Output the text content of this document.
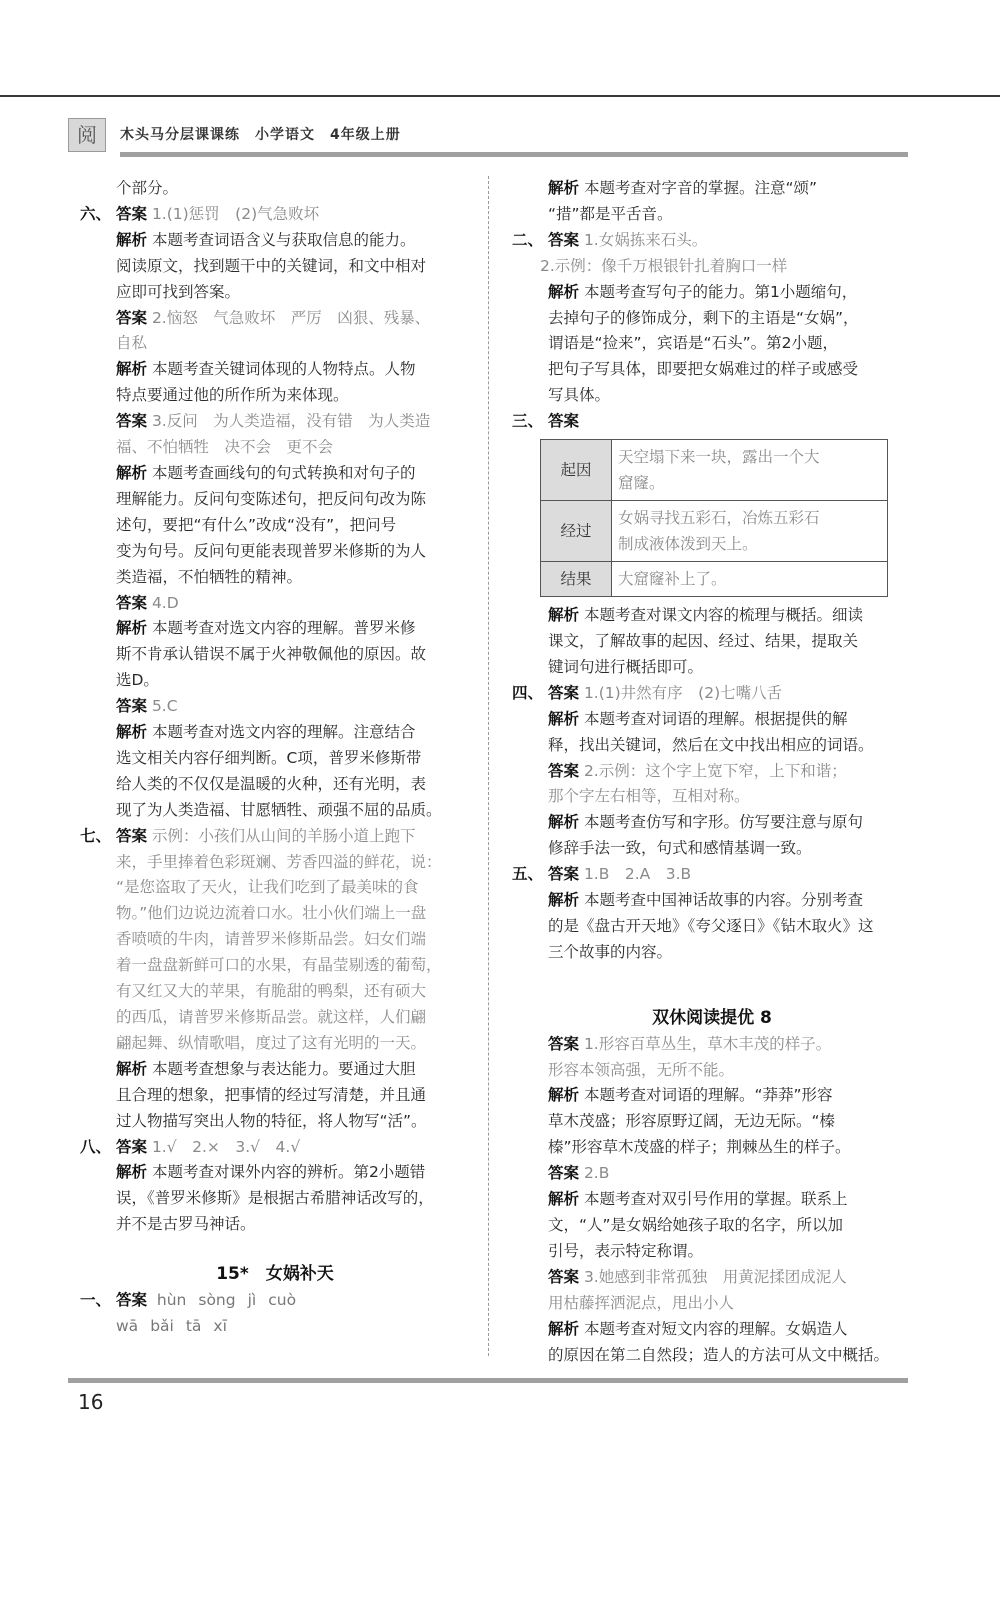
阅	木头马分层课课练　小学语文　4年级上册
个部分。
六、 答案 1.(1)惩罚　(2)气急败坏
解析 本题考查词语含义与获取信息的能力。
阅读原文，找到题干中的关键词，和文中相对
应即可找到答案。
答案 2.恼怒　气急败坏　严厉　凶狠、残暴、
自私
解析 本题考查关键词体现的人物特点。人物
特点要通过他的所作所为来体现。
答案 3.反问　为人类造福，没有错　为人类造
福、不怕牺牲　决不会　更不会
解析 本题考查画线句的句式转换和对句子的
理解能力。反问句变陈述句，把反问句改为陈
述句，要把“有什么”改成“没有”，把问号
变为句号。反问句更能表现普罗米修斯的为人
类造福，不怕牺牲的精神。
答案 4.D
解析 本题考查对选文内容的理解。普罗米修
斯不肯承认错误不属于火神敬佩他的原因。故
选D。
答案 5.C
解析 本题考查对选文内容的理解。注意结合
选文相关内容仔细判断。C项，普罗米修斯带
给人类的不仅仅是温暖的火种，还有光明，表
现了为人类造福、甘愿牺牲、顽强不屈的品质。
七、 答案 示例：小孩们从山间的羊肠小道上跑下
来，手里捧着色彩斑斓、芳香四溢的鲜花，说：
“是您盗取了天火，让我们吃到了最美味的食
物。”他们边说边流着口水。壮小伙们端上一盘
香喷喷的牛肉，请普罗米修斯品尝。妇女们端
着一盘盘新鲜可口的水果，有晶莹剔透的葡萄，
有又红又大的苹果，有脆甜的鸭梨，还有硕大
的西瓜，请普罗米修斯品尝。就这样，人们翩
翩起舞、纵情歌唱，度过了这有光明的一天。
解析 本题考查想象与表达能力。要通过大胆
且合理的想象，把事情的经过写清楚，并且通
过人物描写突出人物的特征，将人物写“活”。
八、 答案 1.√　2.×　3.√　4.√
解析 本题考查对课外内容的辨析。第2小题错
误，《普罗米修斯》是根据古希腊神话改写的，
并不是古罗马神话。
15*　女娲补天
一、 答案 hùn sòng jì cuò
wā bǎi tā xī
解析 本题考查对字音的掌握。注意“颂”
“措”都是平舌音。
二、 答案 1.女娲拣来石头。
2.示例：像千万根银针扎着胸口一样
解析 本题考查写句子的能力。第1小题缩句，
去掉句子的修饰成分，剩下的主语是“女娲”，
谓语是“捡来”，宾语是“石头”。第2小题，
把句子写具体，即要把女娲难过的样子或感受
写具体。
三、 答案
起因	天空塌下来一块，露出一个大
窟窿。

经过	女娲寻找五彩石，冶炼五彩石
制成液体泼到天上。

结果	大窟窿补上了。
解析 本题考查对课文内容的梳理与概括。细读
课文，了解故事的起因、经过、结果，提取关
键词句进行概括即可。
四、 答案 1.(1)井然有序　(2)七嘴八舌
解析 本题考查对词语的理解。根据提供的解
释，找出关键词，然后在文中找出相应的词语。
答案 2.示例：这个字上宽下窄，上下和谐；
那个字左右相等，互相对称。
解析 本题考查仿写和字形。仿写要注意与原句
修辞手法一致，句式和感情基调一致。
五、 答案 1.B　2.A　3.B
解析 本题考查中国神话故事的内容。分别考查
的是《盘古开天地》《夸父逐日》《钻木取火》这
三个故事的内容。
双休阅读提优 8
答案 1.形容百草丛生，草木丰茂的样子。
形容本领高强，无所不能。
解析 本题考查对词语的理解。“莽莽”形容
草木茂盛；形容原野辽阔，无边无际。“榛
榛”形容草木茂盛的样子；荆棘丛生的样子。
答案 2.B
解析 本题考查对双引号作用的掌握。联系上
文，“人”是女娲给她孩子取的名字，所以加
引号，表示特定称谓。
答案 3.她感到非常孤独　用黄泥揉团成泥人
用枯藤挥洒泥点，甩出小人
解析 本题考查对短文内容的理解。女娲造人
的原因在第二自然段；造人的方法可从文中概括。
16
